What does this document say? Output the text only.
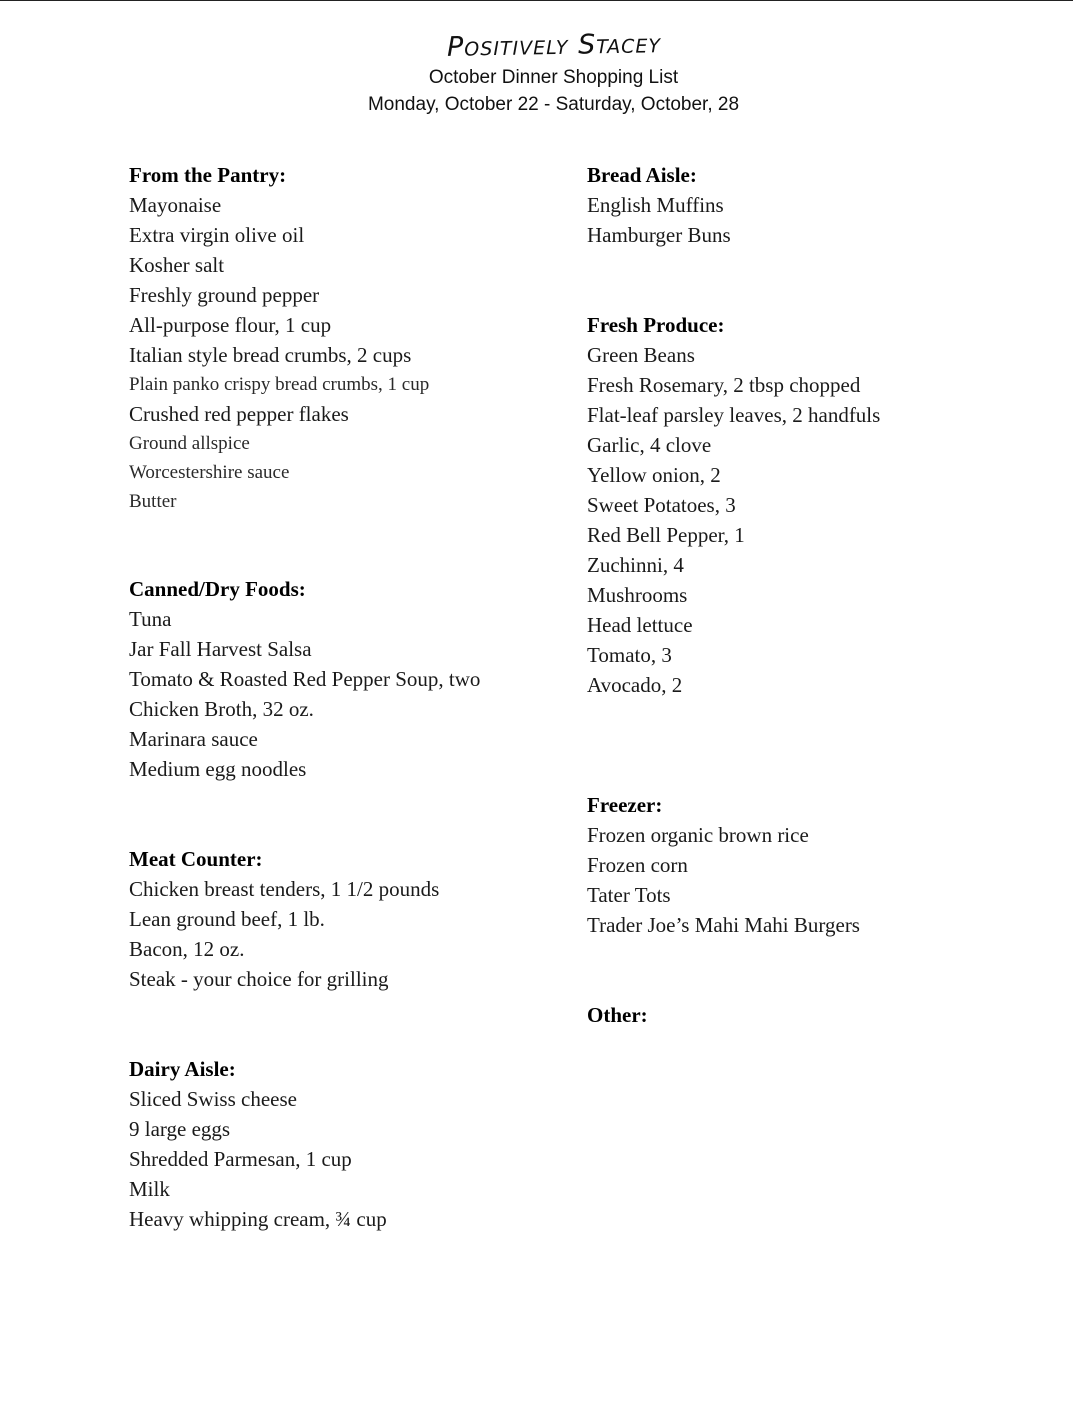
Positively Stacey
October Dinner Shopping List
Monday, October 22 - Saturday, October, 28
From the Pantry:
Mayonaise
Extra virgin olive oil
Kosher salt
Freshly ground pepper
All-purpose flour, 1 cup
Italian style bread crumbs, 2 cups
Plain panko crispy bread crumbs, 1 cup
Crushed red pepper flakes
Ground allspice
Worcestershire sauce
Butter
Canned/Dry Foods:
Tuna
Jar Fall Harvest Salsa
Tomato & Roasted Red Pepper Soup, two
Chicken Broth, 32 oz.
Marinara sauce
Medium egg noodles
Meat Counter:
Chicken breast tenders, 1 1/2 pounds
Lean ground beef, 1 lb.
Bacon, 12 oz.
Steak - your choice for grilling
Dairy Aisle:
Sliced Swiss cheese
9 large eggs
Shredded Parmesan, 1 cup
Milk
Heavy whipping cream, ¾ cup
Bread Aisle:
English Muffins
Hamburger Buns
Fresh Produce:
Green Beans
Fresh Rosemary, 2 tbsp chopped
Flat-leaf parsley leaves, 2 handfuls
Garlic, 4 clove
Yellow onion, 2
Sweet Potatoes, 3
Red Bell Pepper, 1
Zuchinni, 4
Mushrooms
Head lettuce
Tomato, 3
Avocado, 2
Freezer:
Frozen organic brown rice
Frozen corn
Tater Tots
Trader Joe’s Mahi Mahi Burgers
Other:
